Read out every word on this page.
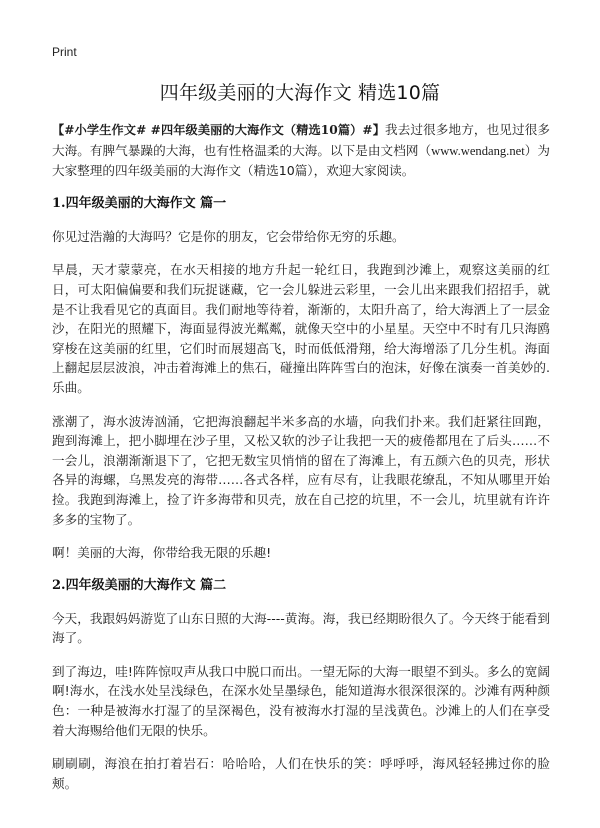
Print
四年级美丽的大海作文 精选10篇

【#小学生作文# #四年级美丽的大海作文（精选10篇）#】我去过很多地方，也见过很多大海。有脾气暴躁的大海，也有性格温柔的大海。以下是由文档网（www.wendang.net）为大家整理的四年级美丽的大海作文（精选10篇），欢迎大家阅读。

1.四年级美丽的大海作文 篇一

你见过浩瀚的大海吗？它是你的朋友，它会带给你无穷的乐趣。

早晨，天才蒙蒙亮，在水天相接的地方升起一轮红日，我跑到沙滩上，观察这美丽的红日，可太阳偏偏要和我们玩捉谜藏，它一会儿躲进云彩里，一会儿出来跟我们招招手，就是不让我看见它的真面目。我们耐地等待着，渐渐的，太阳升高了，给大海洒上了一层金沙，在阳光的照耀下，海面显得波光粼粼，就像天空中的小星星。天空中不时有几只海鸥穿梭在这美丽的红里，它们时而展翅高飞，时而低低滑翔，给大海增添了几分生机。海面上翻起层层波浪，冲击着海滩上的焦石，碰撞出阵阵雪白的泡沫，好像在演奏一首美妙的.乐曲。

涨潮了，海水波涛汹涌，它把海浪翻起半米多高的水墙，向我们扑来。我们赶紧往回跑，跑到海滩上，把小脚埋在沙子里，又松又软的沙子让我把一天的疲倦都甩在了后头……不一会儿，浪潮渐渐退下了，它把无数宝贝悄悄的留在了海滩上，有五颜六色的贝壳，形状各异的海螺，乌黑发亮的海带……各式各样，应有尽有，让我眼花缭乱，不知从哪里开始捡。我跑到海滩上，捡了许多海带和贝壳，放在自己挖的坑里，不一会儿，坑里就有许许多多的宝物了。

啊！美丽的大海，你带给我无限的乐趣!

2.四年级美丽的大海作文 篇二

今天，我跟妈妈游览了山东日照的大海----黄海。海，我已经期盼很久了。今天终于能看到海了。

到了海边，哇!阵阵惊叹声从我口中脱口而出。一望无际的大海一眼望不到头。多么的宽阔啊!海水，在浅水处呈浅绿色，在深水处呈墨绿色，能知道海水很深很深的。沙滩有两种颜色：一种是被海水打湿了的呈深褐色，没有被海水打湿的呈浅黄色。沙滩上的人们在享受着大海赐给他们无限的快乐。

刷刷刷，海浪在拍打着岩石：哈哈哈，人们在快乐的笑：呼呼呼，海风轻轻拂过你的脸颊。
